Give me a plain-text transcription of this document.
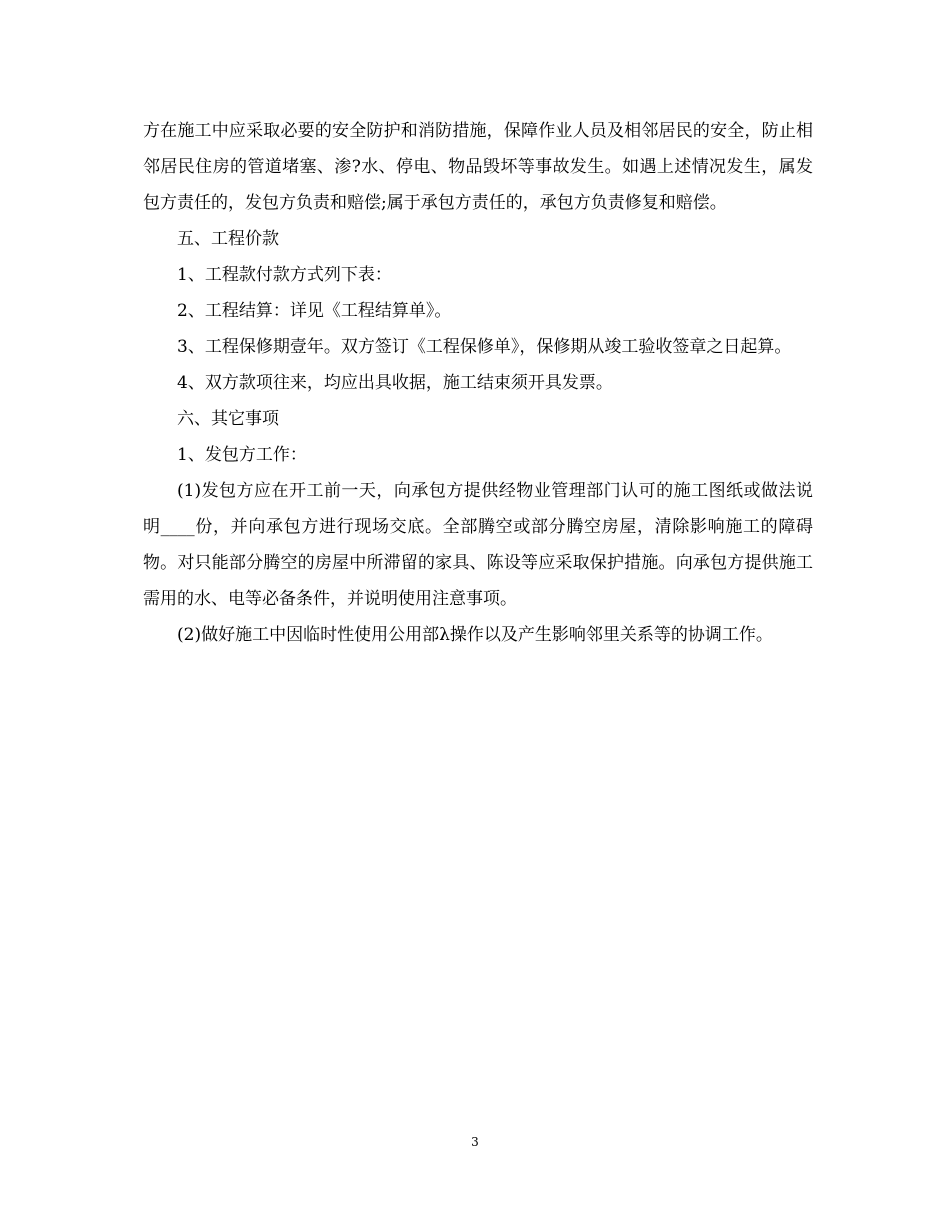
方在施工中应采取必要的安全防护和消防措施，保障作业人员及相邻居民的安全，防止相邻居民住房的管道堵塞、渗?水、停电、物品毁坏等事故发生。如遇上述情况发生，属发包方责任的，发包方负责和赔偿;属于承包方责任的，承包方负责修复和赔偿。

五、工程价款

1、工程款付款方式列下表：

2、工程结算：详见《工程结算单》。

3、工程保修期壹年。双方签订《工程保修单》，保修期从竣工验收签章之日起算。

4、双方款项往来，均应出具收据，施工结束须开具发票。

六、其它事项

1、发包方工作：

(1)发包方应在开工前一天，向承包方提供经物业管理部门认可的施工图纸或做法说明____份，并向承包方进行现场交底。全部腾空或部分腾空房屋，清除影响施工的障碍物。对只能部分腾空的房屋中所滞留的家具、陈设等应采取保护措施。向承包方提供施工需用的水、电等必备条件，并说明使用注意事项。

(2)做好施工中因临时性使用公用部λ操作以及产生影响邻里关系等的协调工作。

3
